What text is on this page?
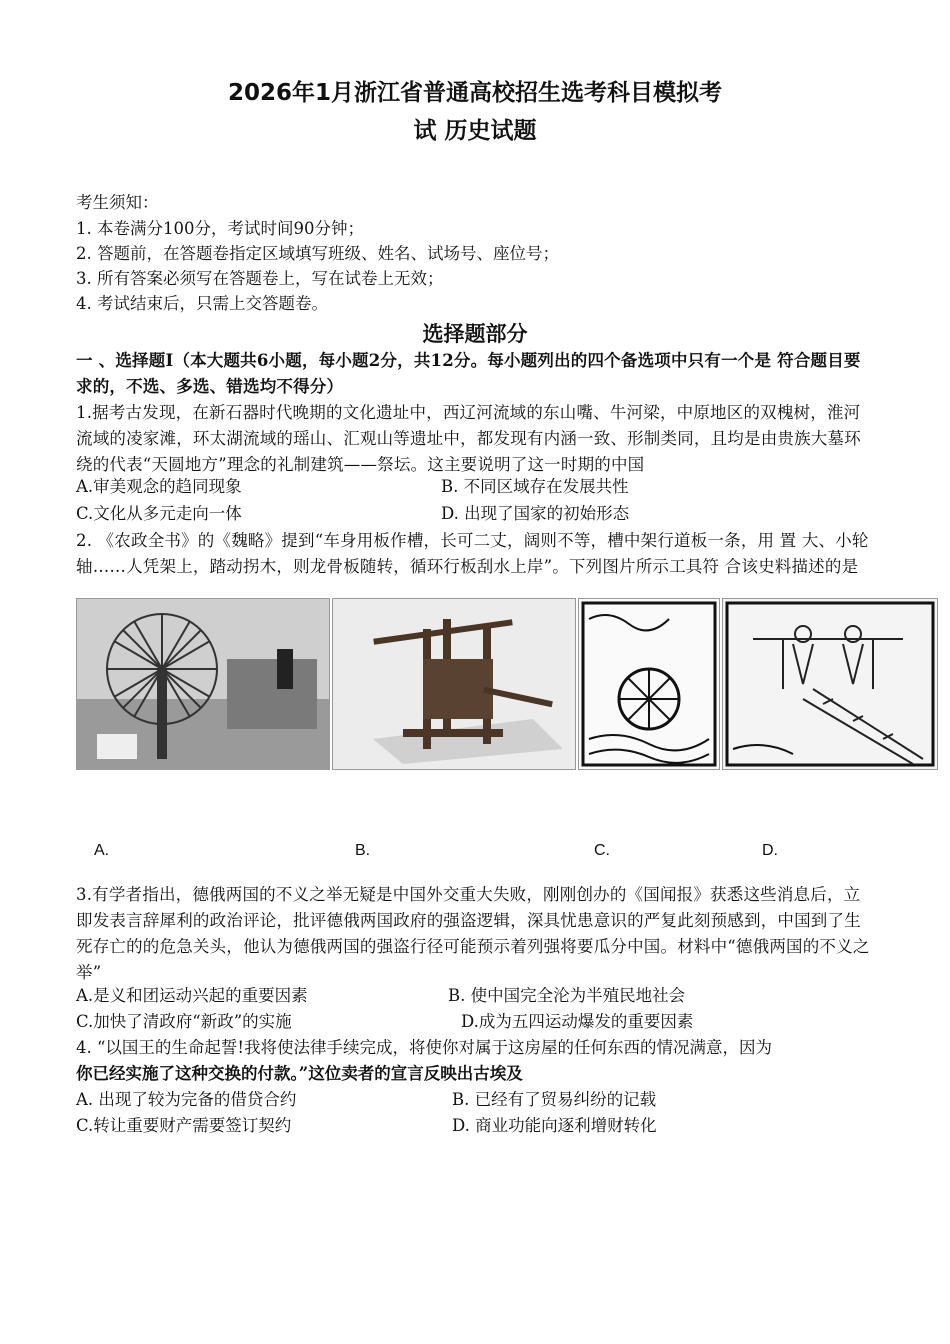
2026年1月浙江省普通高校招生选考科目模拟考
试 历史试题
考生须知：
1. 本卷满分100分，考试时间90分钟；
2. 答题前，在答题卷指定区域填写班级、姓名、试场号、座位号；
3. 所有答案必须写在答题卷上，写在试卷上无效；
4. 考试结束后，只需上交答题卷。
选择题部分
一 、选择题Ⅰ（本大题共6小题，每小题2分，共12分。每小题列出的四个备选项中只有一个是 符合题目要求的，不选、多选、错选均不得分）
1.据考古发现，在新石器时代晚期的文化遗址中，西辽河流域的东山嘴、牛河梁，中原地区的双槐树，淮河流域的凌家滩，环太湖流域的瑶山、汇观山等遗址中，都发现有内涵一致、形制类同，且均是由贵族大墓环绕的代表“天圆地方”理念的礼制建筑——祭坛。这主要说明了这一时期的中国
A.审美观念的趋同现象	B. 不同区域存在发展共性
C.文化从多元走向一体	D. 出现了国家的初始形态
2. 《农政全书》的《魏略》提到“车身用板作槽，长可二丈，阔则不等，槽中架行道板一条，用 置 大、小轮轴……人凭架上，踏动拐木，则龙骨板随转，循环行板刮水上岸”。下列图片所示工具符 合该史料描述的是
A.	B.	C.	D.
3.有学者指出，德俄两国的不义之举无疑是中国外交重大失败，刚刚创办的《国闻报》获悉这些消息后，立即发表言辞犀利的政治评论，批评德俄两国政府的强盗逻辑，深具忧患意识的严复此刻预感到，中国到了生死存亡的的危急关头，他认为德俄两国的强盗行径可能预示着列强将要瓜分中国。材料中“德俄两国的不义之举”
A.是义和团运动兴起的重要因素	B. 使中国完全沦为半殖民地社会
C.加快了清政府“新政”的实施	D.成为五四运动爆发的重要因素
4. “以国王的生命起誓!我将使法律手续完成，将使你对属于这房屋的任何东西的情况满意，因为
你已经实施了这种交换的付款。”这位卖者的宣言反映出古埃及
A. 出现了较为完备的借贷合约	B. 已经有了贸易纠纷的记载
C.转让重要财产需要签订契约	D. 商业功能向逐利增财转化
